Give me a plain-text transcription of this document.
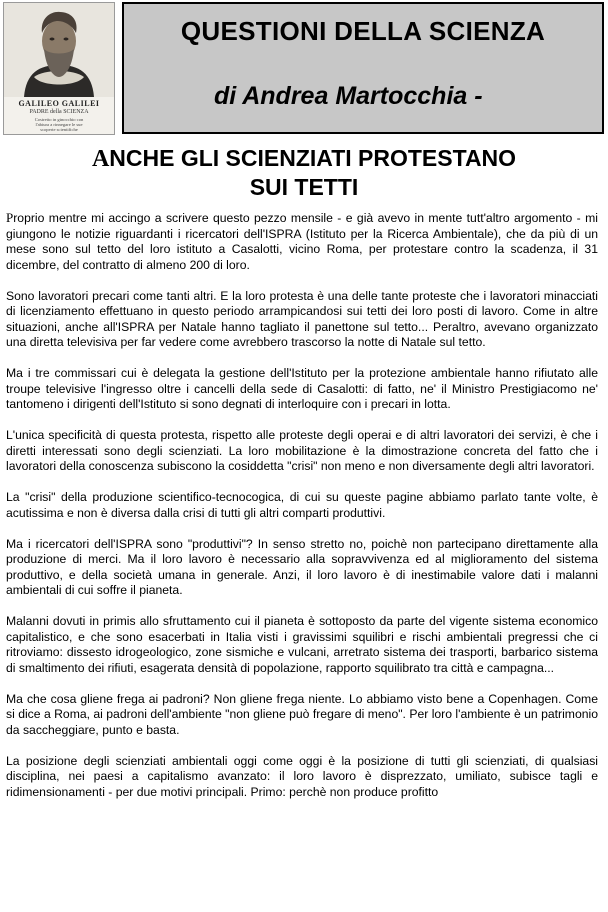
GALILEO GALILEI
PADRE della SCIENZA
Costretto in ginocchio con
l'abiura a rinnegare le sue
scoperte scientifiche
QUESTIONI DELLA SCIENZA
di Andrea Martocchia -
ANCHE GLI SCIENZIATI PROTESTANO
SUI TETTI

Proprio mentre mi accingo a scrivere questo pezzo mensile - e già avevo in mente tutt'altro argomento - mi giungono le notizie riguardanti i ricercatori dell'ISPRA (Istituto per la Ricerca Ambientale), che da più di un mese sono sul tetto del loro istituto a Casalotti, vicino Roma, per protestare contro la scadenza, il 31 dicembre, del contratto di almeno 200 di loro.

Sono lavoratori precari come tanti altri. E la loro protesta è una delle tante proteste che i lavoratori minacciati di licenziamento effettuano in questo periodo arrampicandosi sui tetti dei loro posti di lavoro. Come in altre situazioni, anche all'ISPRA per Natale hanno tagliato il panettone sul tetto... Peraltro, avevano organizzato una diretta televisiva per far vedere come avrebbero trascorso la notte di Natale sul tetto.

Ma i tre commissari cui è delegata la gestione dell'Istituto per la protezione ambientale hanno rifiutato alle troupe televisive l'ingresso oltre i cancelli della sede di Casalotti: di fatto, ne' il Ministro Prestigiacomo ne' tantomeno i dirigenti dell'Istituto si sono degnati di interloquire con i precari in lotta.

L'unica specificità di questa protesta, rispetto alle proteste degli operai e di altri lavoratori dei servizi, è che i diretti interessati sono degli scienziati. La loro mobilitazione è la dimostrazione concreta del fatto che i lavoratori della conoscenza subiscono la cosiddetta "crisi" non meno e non diversamente degli altri lavoratori.

La "crisi" della produzione scientifico-tecnocogica, di cui su queste pagine abbiamo parlato tante volte, è acutissima e non è diversa dalla crisi di tutti gli altri comparti produttivi.

Ma i ricercatori dell'ISPRA sono "produttivi"? In senso stretto no, poichè non partecipano direttamente alla produzione di merci. Ma il loro lavoro è necessario alla sopravvivenza ed al miglioramento del sistema produttivo, e della società umana in generale. Anzi, il loro lavoro è di inestimabile valore dati i malanni ambientali di cui soffre il pianeta.

Malanni dovuti in primis allo sfruttamento cui il pianeta è sottoposto da parte del vigente sistema economico capitalistico, e che sono esacerbati in Italia visti i gravissimi squilibri e rischi ambientali pregressi che ci ritroviamo: dissesto idrogeologico, zone sismiche e vulcani, arretrato sistema dei trasporti, barbarico sistema di smaltimento dei rifiuti, esagerata densità di popolazione, rapporto squilibrato tra città e campagna...

Ma che cosa gliene frega ai padroni? Non gliene frega niente. Lo abbiamo visto bene a Copenhagen. Come si dice a Roma, ai padroni dell'ambiente "non gliene può fregare di meno". Per loro l'ambiente è un patrimonio da saccheggiare, punto e basta.

La posizione degli scienziati ambientali oggi come oggi è la posizione di tutti gli scienziati, di qualsiasi disciplina, nei paesi a capitalismo avanzato: il loro lavoro è disprezzato, umiliato, subisce tagli e ridimensionamenti - per due motivi principali. Primo: perchè non produce profitto
